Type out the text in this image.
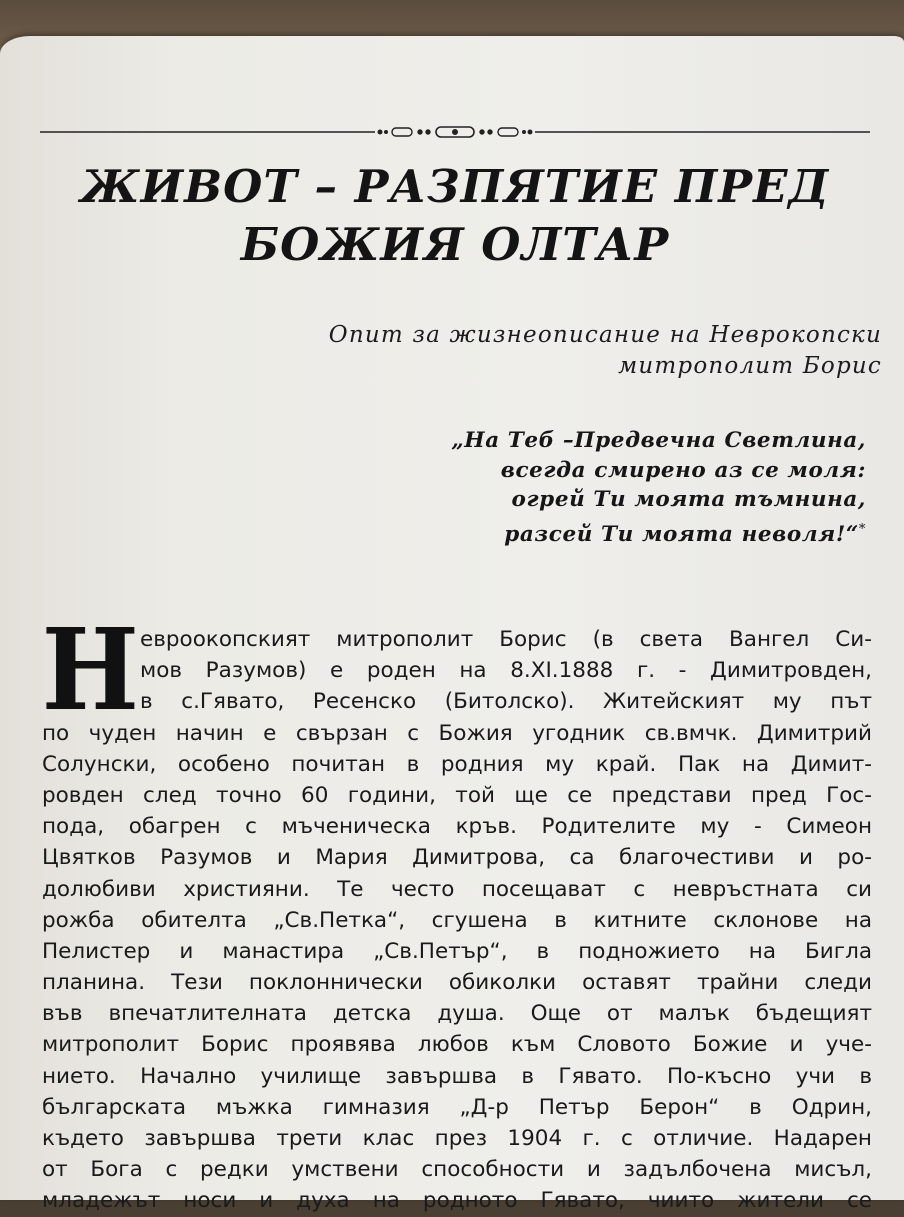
ЖИВОТ – РАЗПЯТИЕ ПРЕД
БОЖИЯ ОЛТАР

Опит за жизнеописание на Неврокопски
митрополит Борис

„На Теб –Предвечна Светлина,
всегда смирено аз се моля:
огрей Ти моята тъмнина,
разсей Ти моята неволя!“*

Н евроокопският митрополит Борис (в света Вангел Си-
мов Разумов) е роден на 8.XI.1888 г. - Димитровден,
в с.Гявато, Ресенско (Битолско). Житейският му път
по чуден начин е свързан с Божия угодник св.вмчк. Димитрий
Солунски, особено почитан в родния му край. Пак на Димит-
ровден след точно 60 години, той ще се представи пред Гос-
пода, обагрен с мъченическа кръв. Родителите му - Симеон
Цвятков Разумов и Мария Димитрова, са благочестиви и ро-
долюбиви християни. Те често посещават с невръстната си
рожба обителта „Св.Петка“, сгушена в китните склонове на
Пелистер и манастира „Св.Петър“, в подножието на Бигла
планина. Тези поклоннически обиколки оставят трайни следи
във впечатлителната детска душа. Още от малък бъдещият
митрополит Борис проявява любов към Словото Божие и уче-
нието. Начално училище завършва в Гявато. По-късно учи в
българската мъжка гимназия „Д-р Петър Берон“ в Одрин,
където завършва трети клас през 1904 г. с отличие. Надарен
от Бога с редки умствени способности и задълбочена мисъл,
младежът носи и духа на родното Гявато, чиито жители се
